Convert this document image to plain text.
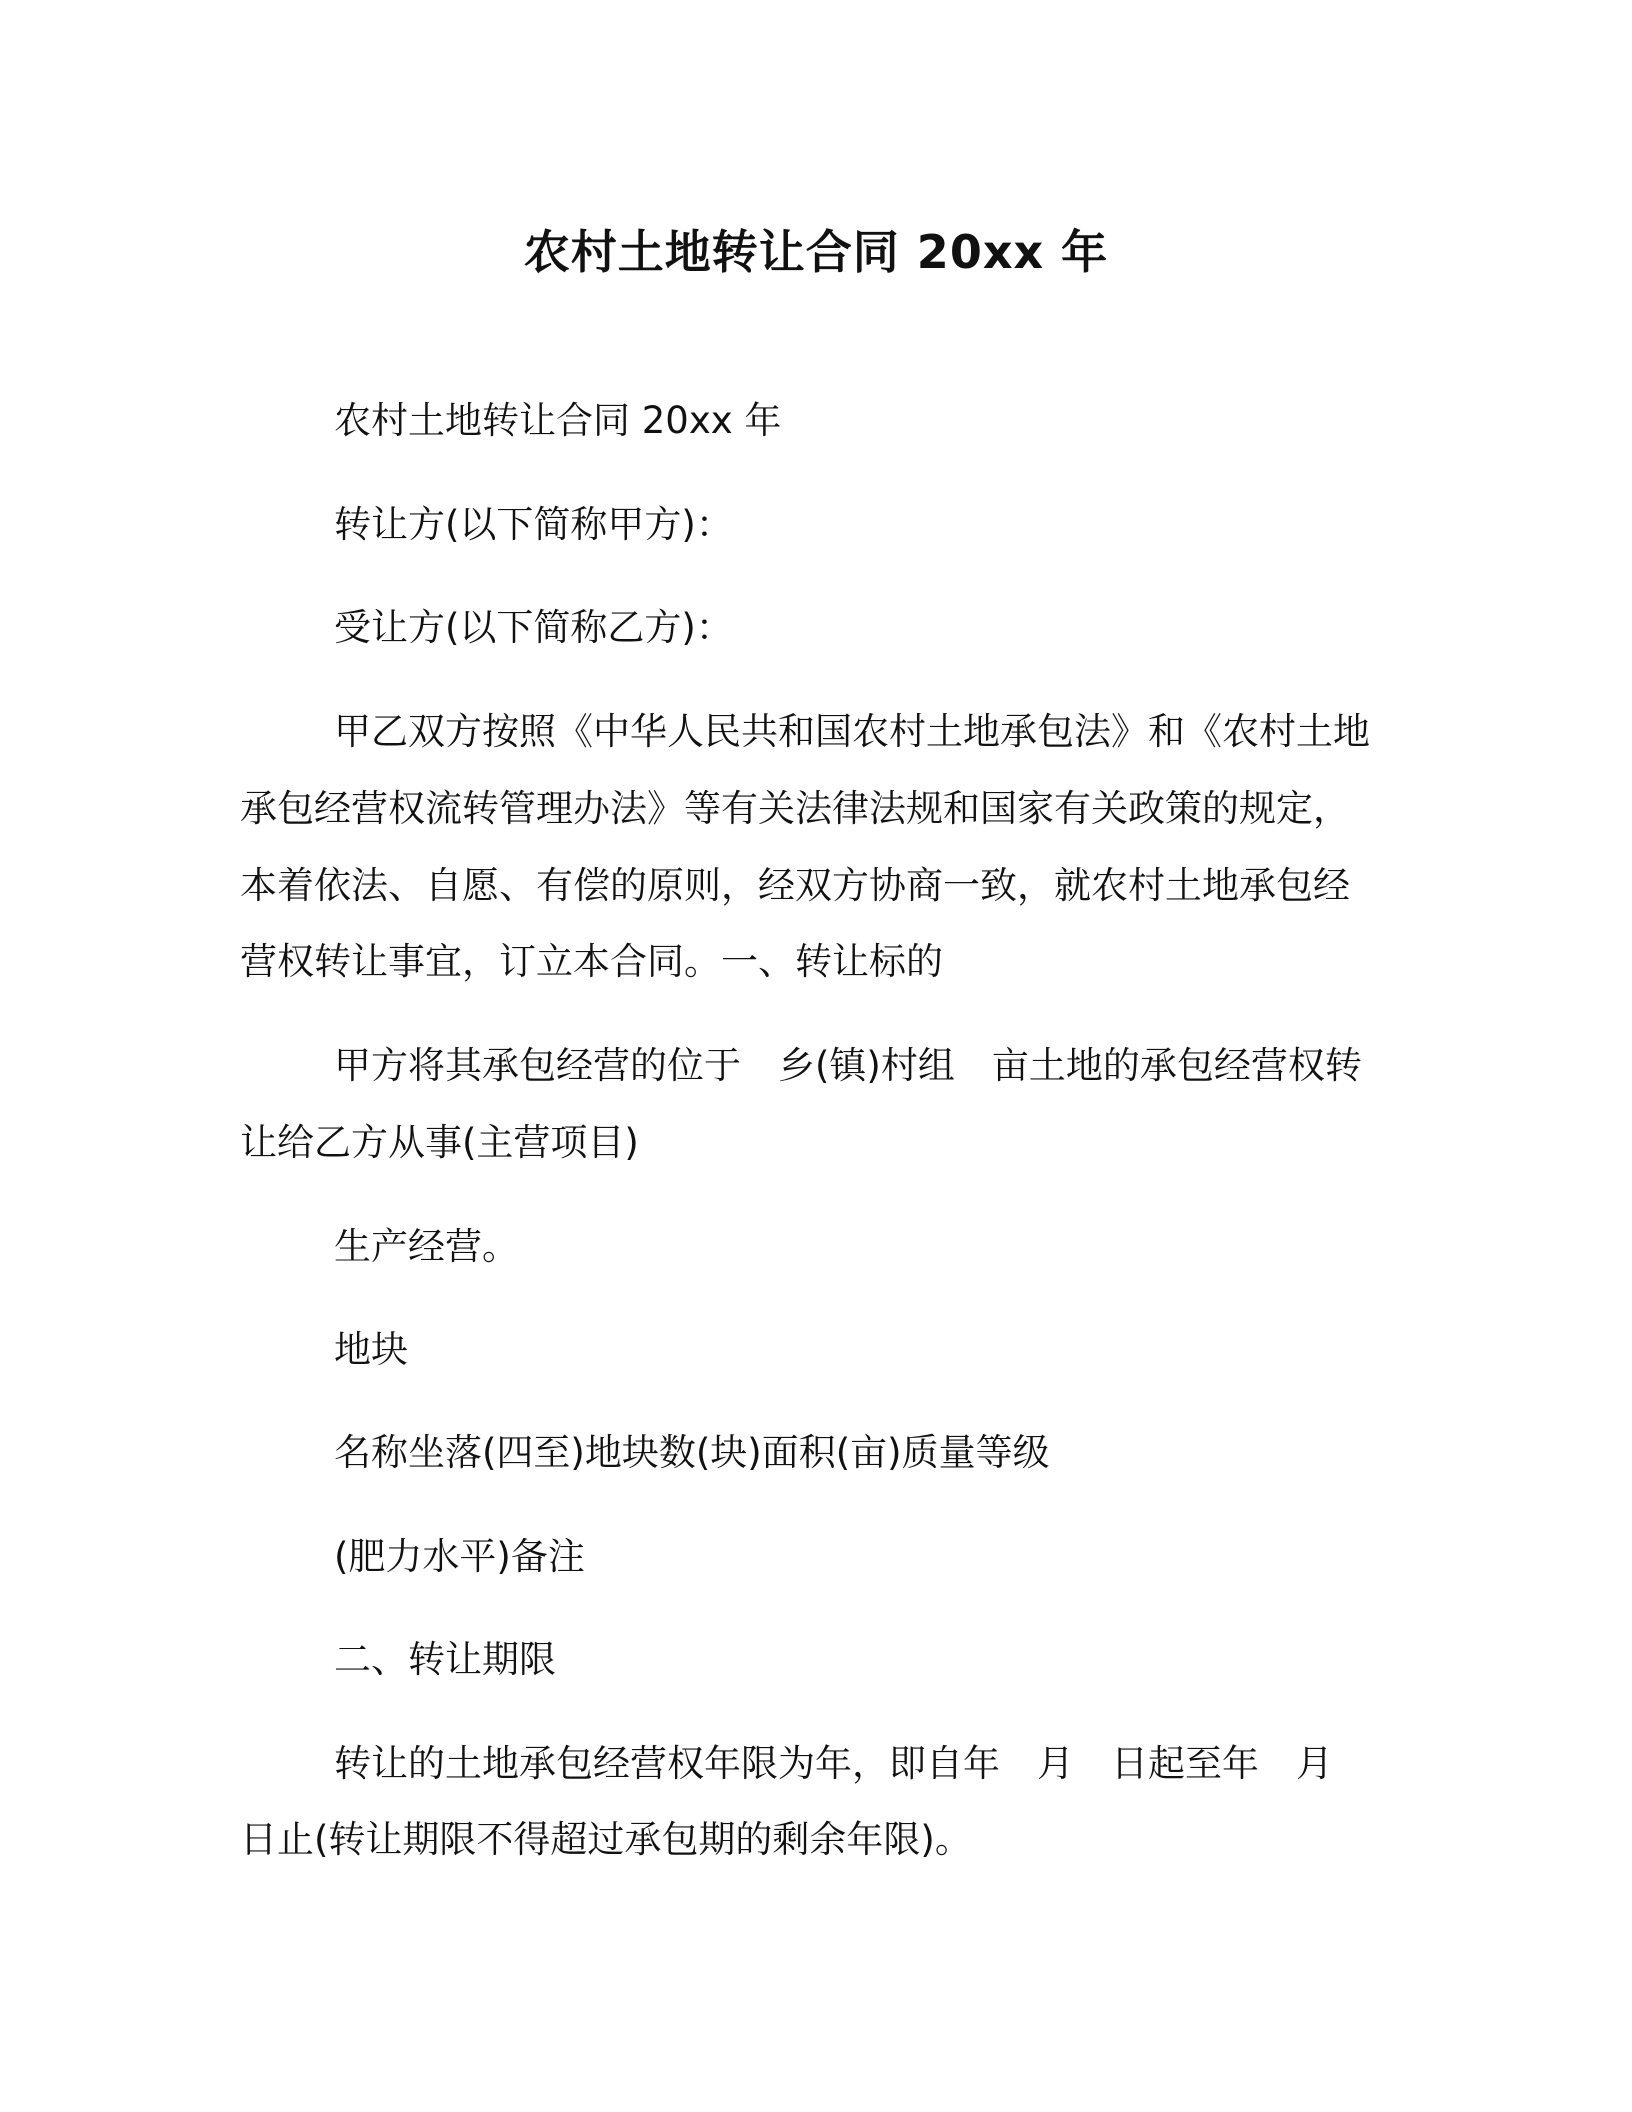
农村土地转让合同 20xx 年
农村土地转让合同 20xx 年
转让方(以下简称甲方)：
受让方(以下简称乙方)：
甲乙双方按照《中华人民共和国农村土地承包法》和《农村土地
承包经营权流转管理办法》等有关法律法规和国家有关政策的规定，
本着依法、自愿、有偿的原则，经双方协商一致，就农村土地承包经
营权转让事宜，订立本合同。一、转让标的
甲方将其承包经营的位于　乡(镇)村组　亩土地的承包经营权转
让给乙方从事(主营项目)
生产经营。
地块
名称坐落(四至)地块数(块)面积(亩)质量等级
(肥力水平)备注
二、转让期限
转让的土地承包经营权年限为年，即自年　月　日起至年　月
日止(转让期限不得超过承包期的剩余年限)。
